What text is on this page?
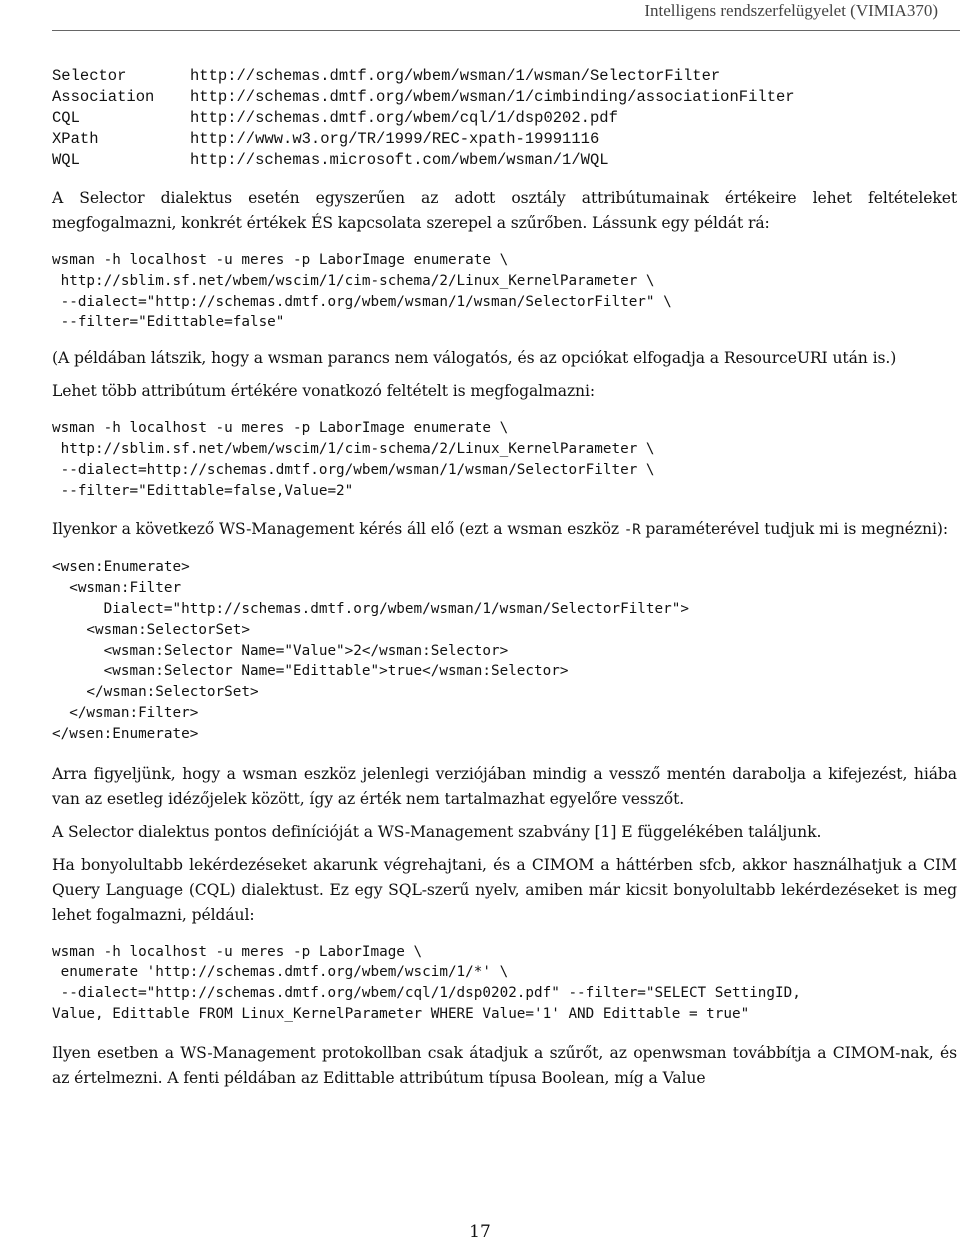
Intelligens rendszerfelügyelet (VIMIA370)
Selector	http://schemas.dmtf.org/wbem/wsman/1/wsman/SelectorFilter
Association	http://schemas.dmtf.org/wbem/wsman/1/cimbinding/associationFilter
CQL	http://schemas.dmtf.org/wbem/cql/1/dsp0202.pdf
XPath	http://www.w3.org/TR/1999/REC-xpath-19991116
WQL	http://schemas.microsoft.com/wbem/wsman/1/WQL

A Selector dialektus esetén egyszerűen az adott osztály attribútumainak értékeire lehet feltételeket megfogalmazni, konkrét értékek ÉS kapcsolata szerepel a szűrőben. Lássunk egy példát rá:

wsman -h localhost -u meres -p LaborImage enumerate \
http://sblim.sf.net/wbem/wscim/1/cim-schema/2/Linux_KernelParameter \
--dialect="http://schemas.dmtf.org/wbem/wsman/1/wsman/SelectorFilter" \
--filter="Edittable=false"

(A példában látszik, hogy a wsman parancs nem válogatós, és az opciókat elfogadja a ResourceURI után is.)

Lehet több attribútum értékére vonatkozó feltételt is megfogalmazni:

wsman -h localhost -u meres -p LaborImage enumerate \
http://sblim.sf.net/wbem/wscim/1/cim-schema/2/Linux_KernelParameter \
--dialect=http://schemas.dmtf.org/wbem/wsman/1/wsman/SelectorFilter \
--filter="Edittable=false,Value=2"

Ilyenkor a következő WS-Management kérés áll elő (ezt a wsman eszköz -R paraméterével tudjuk mi is megnézni):

<wsen:Enumerate>
<wsman:Filter
Dialect="http://schemas.dmtf.org/wbem/wsman/1/wsman/SelectorFilter">
<wsman:SelectorSet>
<wsman:Selector Name="Value">2</wsman:Selector>
<wsman:Selector Name="Edittable">true</wsman:Selector>
</wsman:SelectorSet>
</wsman:Filter>
</wsen:Enumerate>

Arra figyeljünk, hogy a wsman eszköz jelenlegi verziójában mindig a vessző mentén darabolja a kifejezést, hiába van az esetleg idézőjelek között, így az érték nem tartalmazhat egyelőre vesszőt.

A Selector dialektus pontos definícióját a WS-Management szabvány [1] E függelékében találjunk.

Ha bonyolultabb lekérdezéseket akarunk végrehajtani, és a CIMOM a háttérben sfcb, akkor használhatjuk a CIM Query Language (CQL) dialektust. Ez egy SQL-szerű nyelv, amiben már kicsit bonyolultabb lekérdezéseket is meg lehet fogalmazni, például:

wsman -h localhost -u meres -p LaborImage \
enumerate 'http://schemas.dmtf.org/wbem/wscim/1/*' \
--dialect="http://schemas.dmtf.org/wbem/cql/1/dsp0202.pdf" --filter="SELECT SettingID,
Value, Edittable FROM Linux_KernelParameter WHERE Value='1' AND Edittable = true"

Ilyen esetben a WS-Management protokollban csak átadjuk a szűrőt, az openwsman továbbítja a CIMOM-nak, és az értelmezni. A fenti példában az Edittable attribútum típusa Boolean, míg a Value

17
